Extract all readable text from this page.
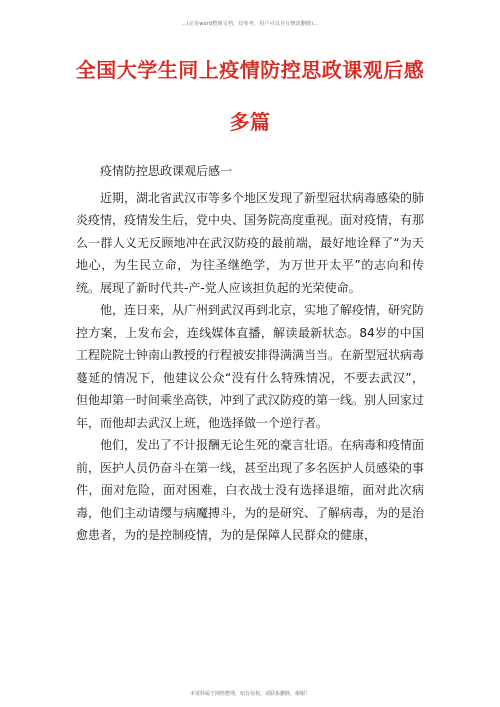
…(完美word整理文档，仅参考，用户可以自行修改删除)…
全国大学生同上疫情防控思政课观后感
多篇

疫情防控思政课观后感一

近期，湖北省武汉市等多个地区发现了新型冠状病毒感染的肺炎疫情，疫情发生后，党中央、国务院高度重视。面对疫情，有那么一群人义无反顾地冲在武汉防疫的最前端，最好地诠释了“为天地心，为生民立命，为往圣继绝学，为万世开太平”的志向和传统。展现了新时代共-产-党人应该担负起的光荣使命。

他，连日来，从广州到武汉再到北京，实地了解疫情，研究防控方案，上发布会，连线媒体直播，解读最新状态。84岁的中国工程院院士钟南山教授的行程被安排得满满当当。在新型冠状病毒蔓延的情况下，他建议公众“没有什么特殊情况，不要去武汉”，但他却第一时间乘坐高铁，冲到了武汉防疫的第一线。别人回家过年，而他却去武汉上班，他选择做一个逆行者。

他们，发出了不计报酬无论生死的豪言壮语。在病毒和疫情面前，医护人员仍奋斗在第一线，甚至出现了多名医护人员感染的事件，面对危险，面对困难，白衣战士没有选择退缩，面对此次病毒，他们主动请缨与病魔搏斗，为的是研究、了解病毒，为的是治愈患者，为的是控制疫情，为的是保障人民群众的健康，

本资料属于网络整理，如有侵权，请联系删除，谢谢！
